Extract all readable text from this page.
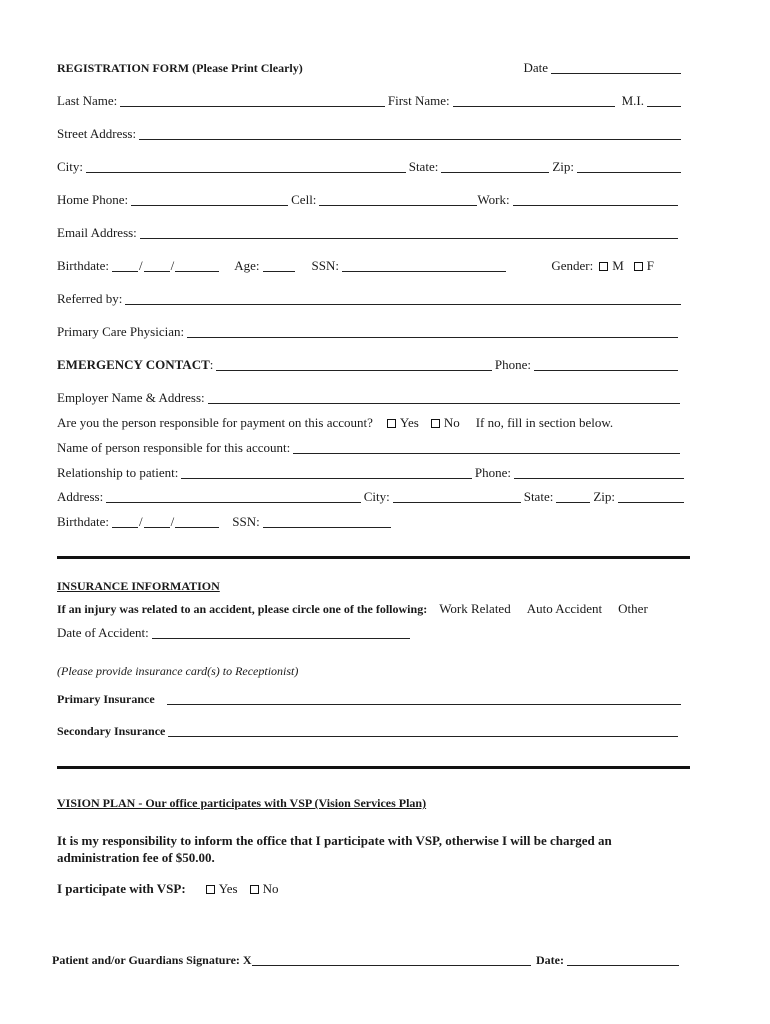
REGISTRATION FORM (Please Print Clearly)	Date
Last Name:	First Name:	M.I.
Street Address:
City:	State:	Zip:
Home Phone:	Cell:	Work:
Email Address:
Birthdate: / /	Age:	SSN:	Gender: M F
Referred by:
Primary Care Physician:
EMERGENCY CONTACT :	Phone:
Employer Name & Address:
Are you the person responsible for payment on this account? Yes No If no, fill in section below.
Name of person responsible for this account:
Relationship to patient:	Phone:
Address:	City:	State:	Zip:
Birthdate: / /	SSN:
INSURANCE INFORMATION
If an injury was related to an accident, please circle one of the following: Work Related Auto Accident Other
Date of Accident:
(Please provide insurance card(s) to Receptionist)
Primary Insurance
Secondary Insurance
VISION PLAN - Our office participates with VSP (Vision Services Plan)
It is my responsibility to inform the office that I participate with VSP, otherwise I will be charged an administration fee of $50.00.
I participate with VSP:	Yes No
Patient and/or Guardians Signature: X	Date:
